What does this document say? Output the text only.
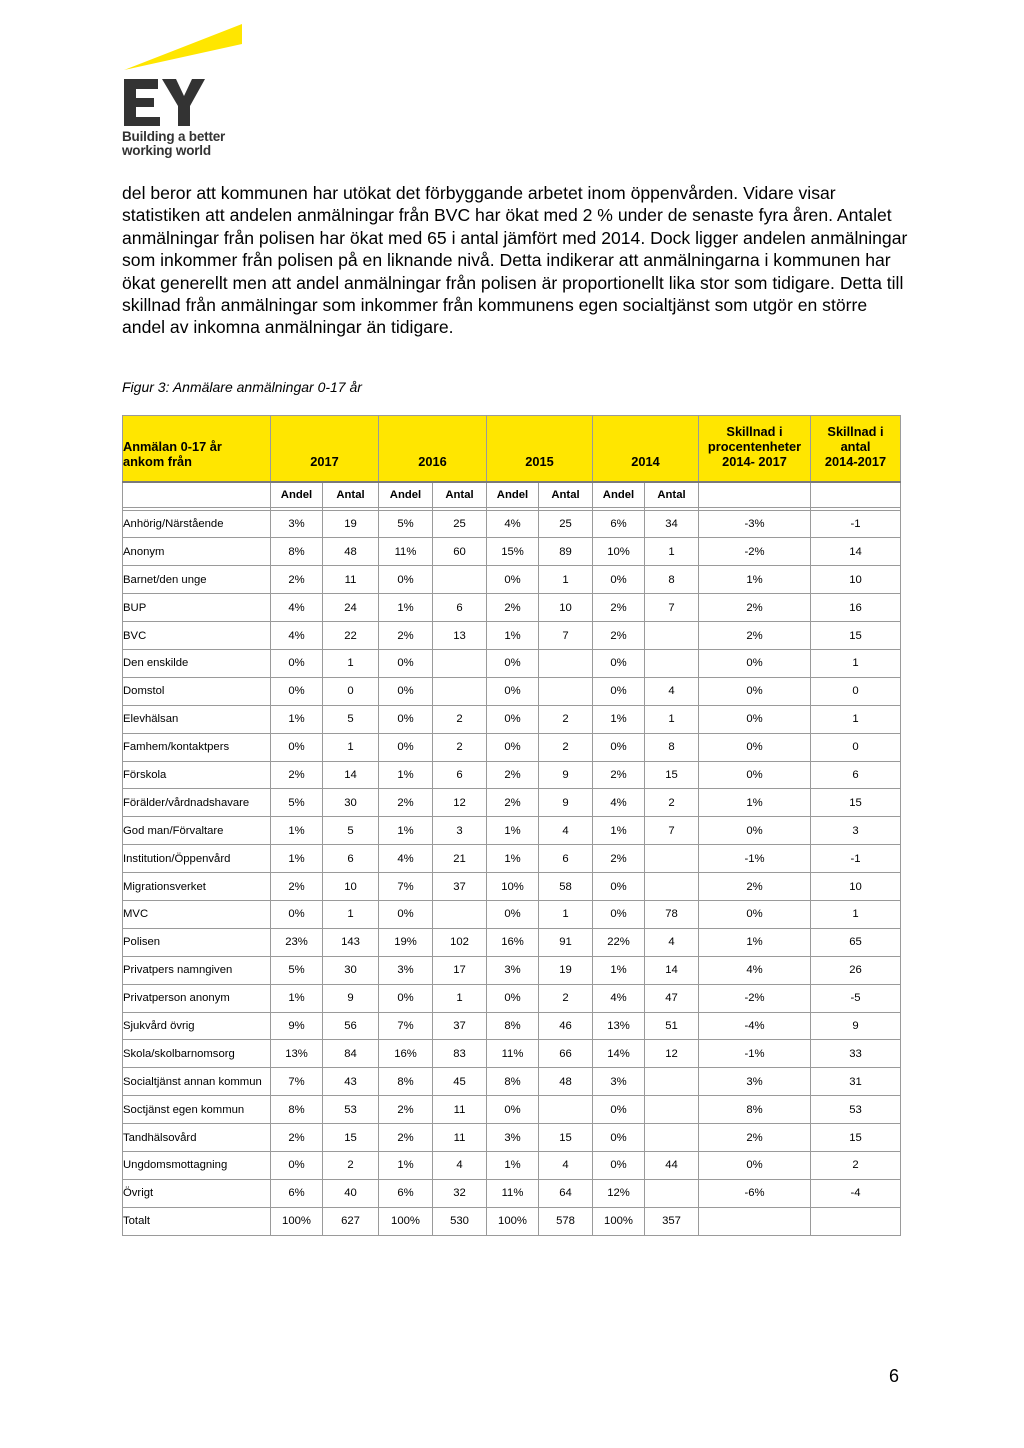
Building a better
working world

del beror att kommunen har utökat det förbyggande arbetet inom öppenvården. Vidare visar statistiken att andelen anmälningar från BVC har ökat med 2 % under de senaste fyra åren. Antalet anmälningar från polisen har ökat med 65 i antal jämfört med 2014. Dock ligger andelen anmälningar som inkommer från polisen på en liknande nivå. Detta indikerar att anmälningarna i kommunen har ökat generellt men att andel anmälningar från polisen är proportionellt lika stor som tidigare. Detta till skillnad från anmälningar som inkommer från kommunens egen socialtjänst som utgör en större andel av inkomna anmälningar än tidigare.

Figur 3: Anmälare anmälningar 0-17 år

Anmälan 0-17 år
ankom från	2017		2016		2015		2014		Skillnad i
procentenheter
2014- 2017	Skillnad i antal
2014-2017
	Andel	Antal	Andel	Antal	Andel	Antal	Andel	Antal		

Anhörig/Närstående	3%	19	5%	25	4%	25	6%	34	-3%	-1
Anonym	8%	48	11%	60	15%	89	10%	1	-2%	14
Barnet/den unge	2%	11	0%		0%	1	0%	8	1%	10
BUP	4%	24	1%	6	2%	10	2%	7	2%	16
BVC	4%	22	2%	13	1%	7	2%		2%	15
Den enskilde	0%	1	0%		0%		0%		0%	1
Domstol	0%	0	0%		0%		0%	4	0%	0
Elevhälsan	1%	5	0%	2	0%	2	1%	1	0%	1
Famhem/kontaktpers	0%	1	0%	2	0%	2	0%	8	0%	0
Förskola	2%	14	1%	6	2%	9	2%	15	0%	6
Förälder/vårdnadshavare	5%	30	2%	12	2%	9	4%	2	1%	15
God man/Förvaltare	1%	5	1%	3	1%	4	1%	7	0%	3
Institution/Öppenvård	1%	6	4%	21	1%	6	2%		-1%	-1
Migrationsverket	2%	10	7%	37	10%	58	0%		2%	10
MVC	0%	1	0%		0%	1	0%	78	0%	1
Polisen	23%	143	19%	102	16%	91	22%	4	1%	65
Privatpers namngiven	5%	30	3%	17	3%	19	1%	14	4%	26
Privatperson anonym	1%	9	0%	1	0%	2	4%	47	-2%	-5
Sjukvård övrig	9%	56	7%	37	8%	46	13%	51	-4%	9
Skola/skolbarnomsorg	13%	84	16%	83	11%	66	14%	12	-1%	33
Socialtjänst annan kommun	7%	43	8%	45	8%	48	3%		3%	31
Soctjänst egen kommun	8%	53	2%	11	0%		0%		8%	53
Tandhälsovård	2%	15	2%	11	3%	15	0%		2%	15
Ungdomsmottagning	0%	2	1%	4	1%	4	0%	44	0%	2
Övrigt	6%	40	6%	32	11%	64	12%		-6%	-4
Totalt	100%	627	100%	530	100%	578	100%	357		

6
